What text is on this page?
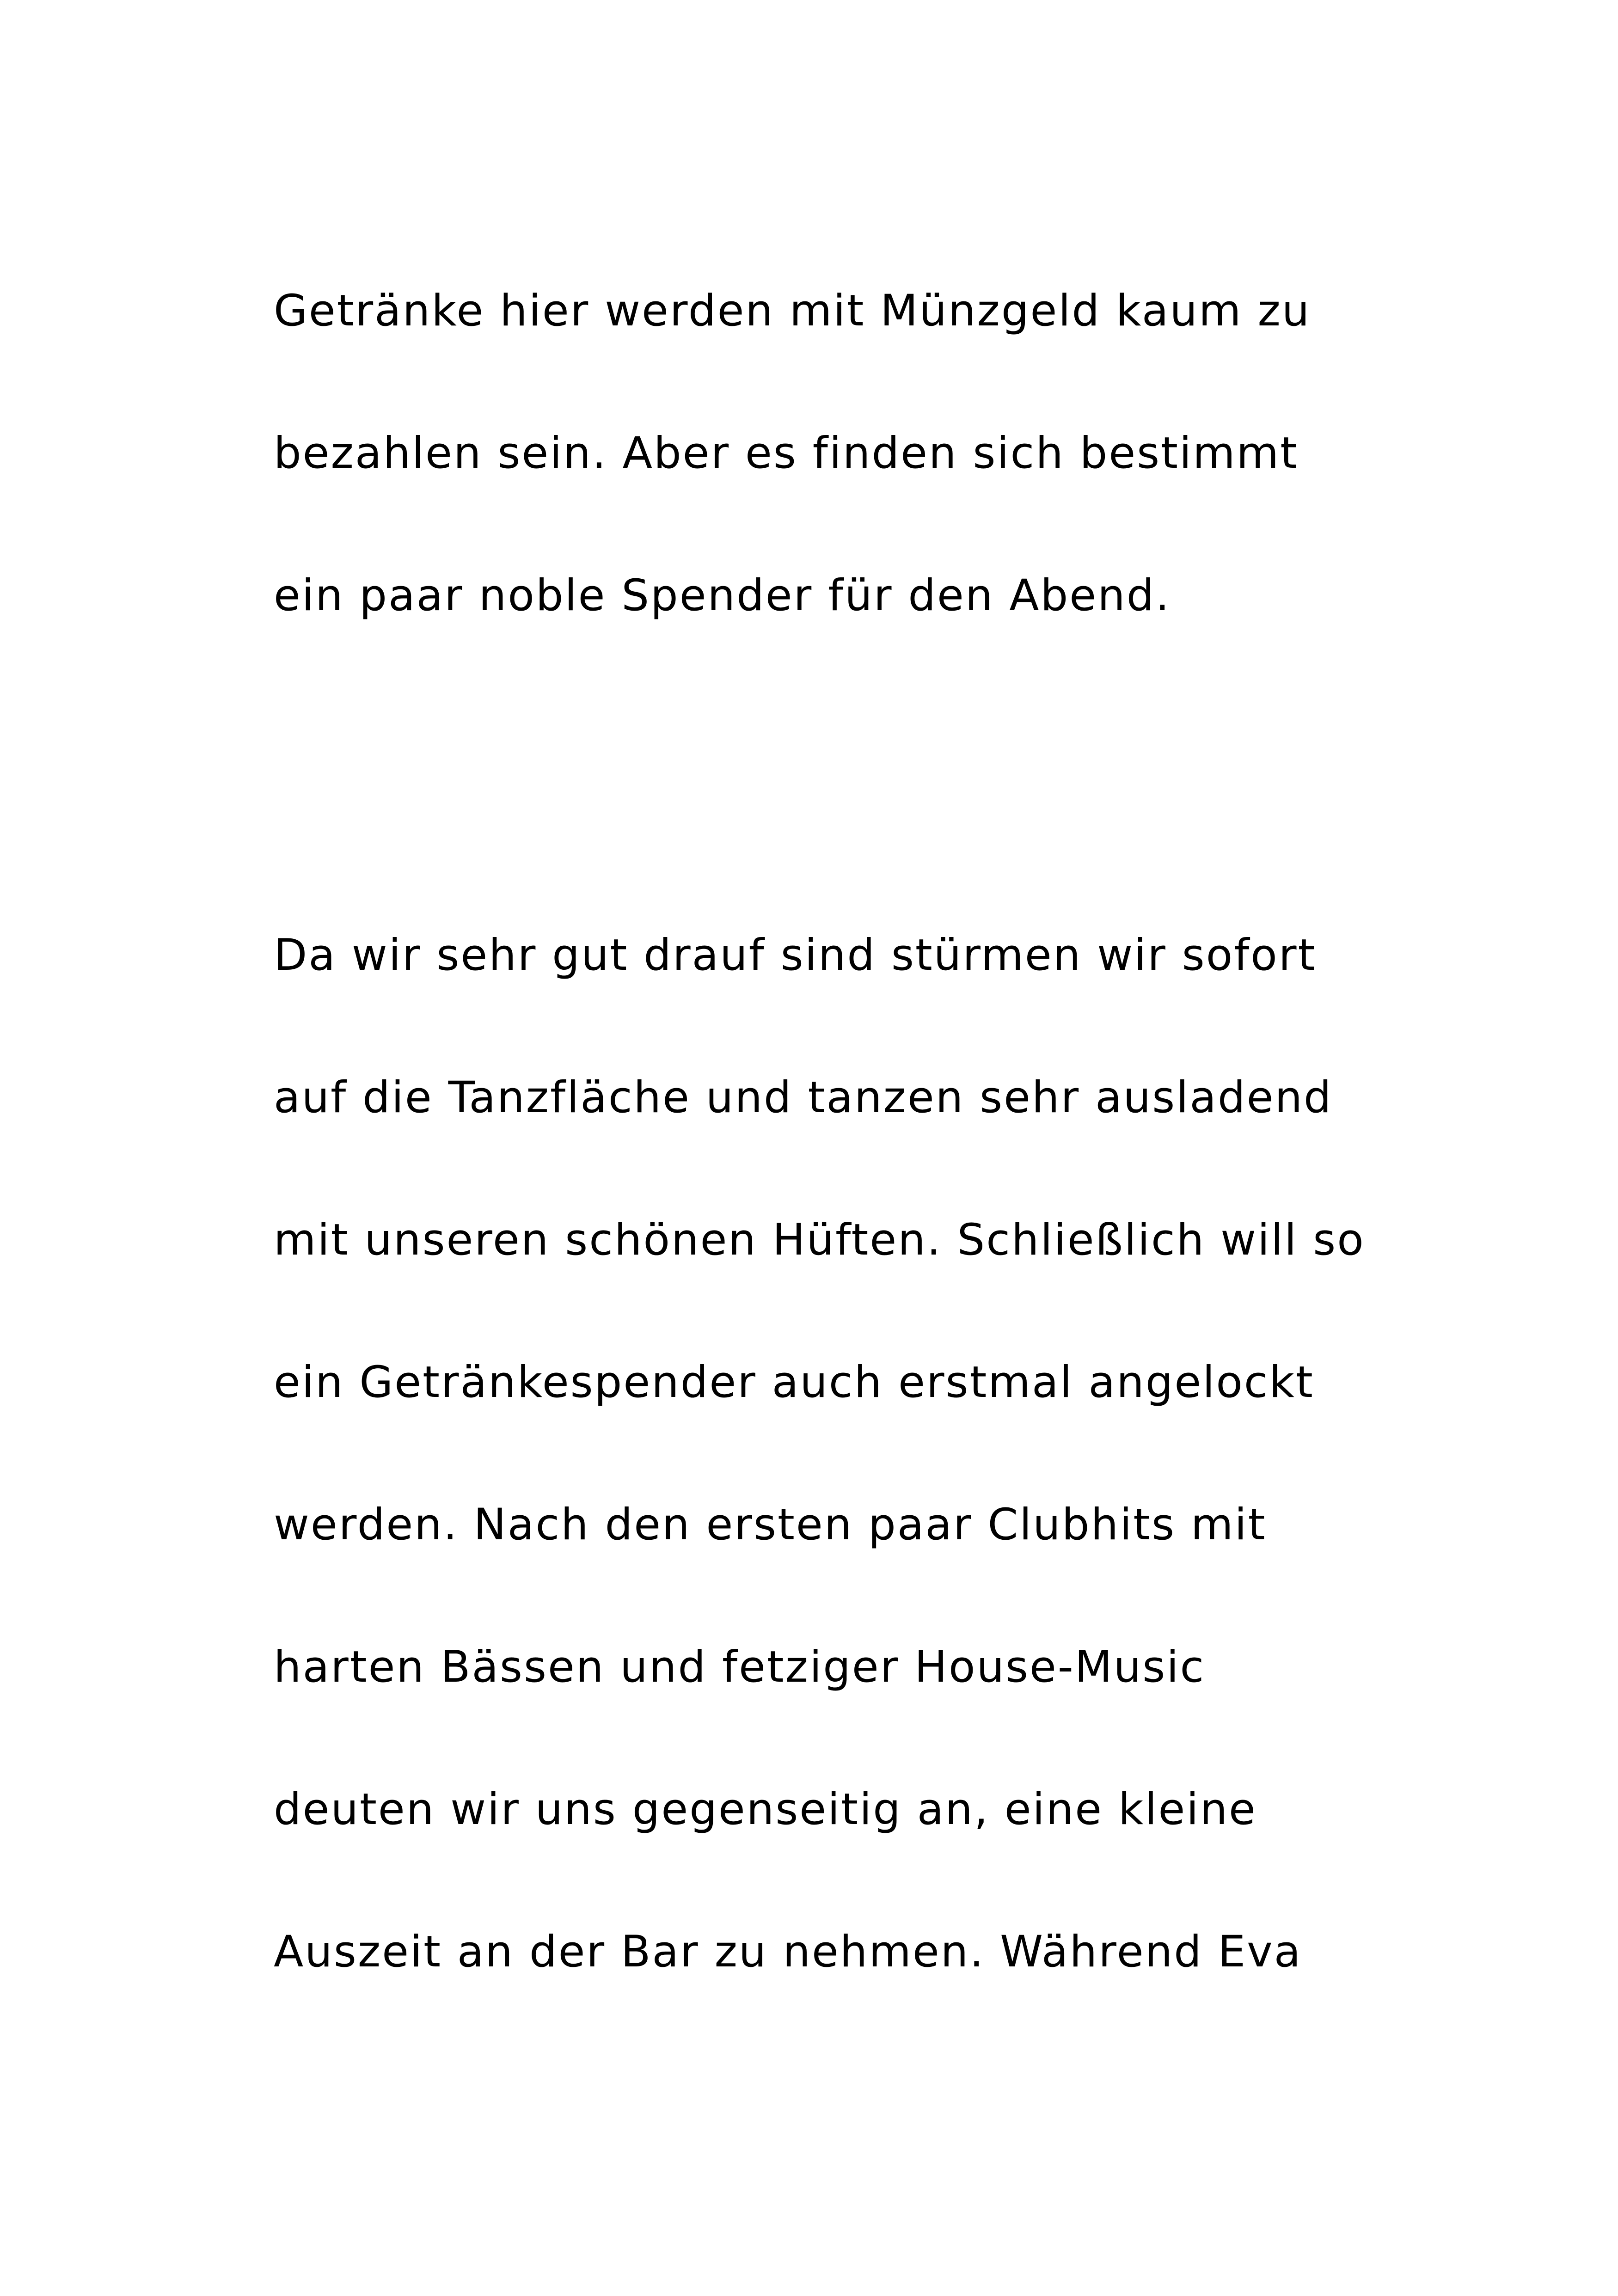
Getränke hier werden mit Münzgeld kaum zu
bezahlen sein. Aber es finden sich bestimmt
ein paar noble Spender für den Abend.
Da wir sehr gut drauf sind stürmen wir sofort
auf die Tanzfläche und tanzen sehr ausladend
mit unseren schönen Hüften. Schließlich will so
ein Getränkespender auch erstmal angelockt
werden. Nach den ersten paar Clubhits mit
harten Bässen und fetziger House-Music
deuten wir uns gegenseitig an, eine kleine
Auszeit an der Bar zu nehmen. Während Eva
